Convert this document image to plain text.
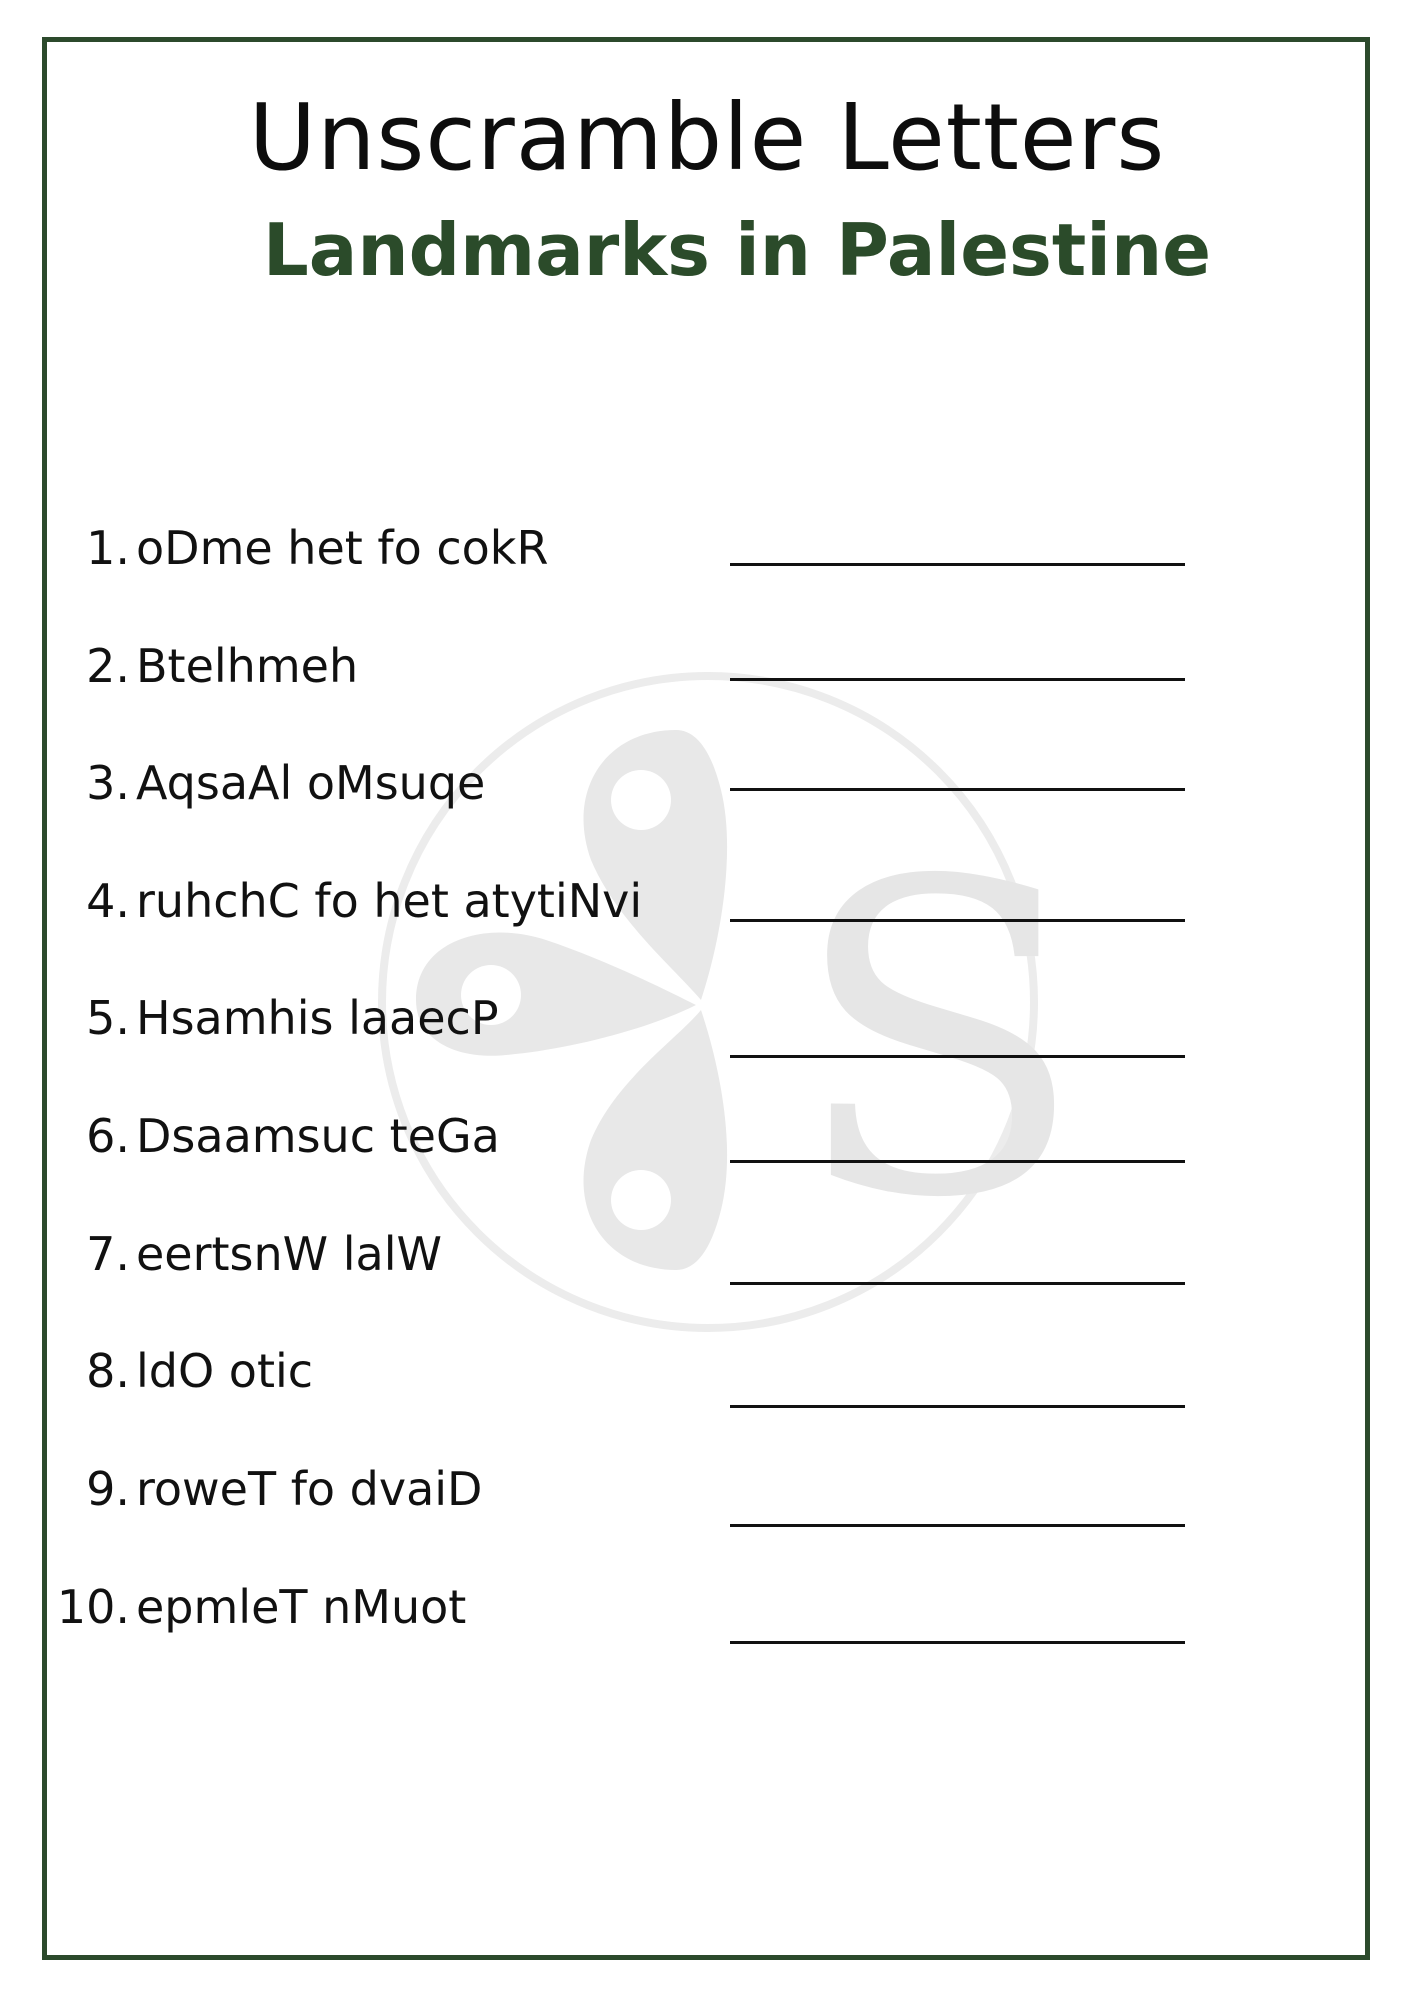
Unscramble Letters
Landmarks in Palestine
S
1. oDme het fo cokR
2. Btelhmeh
3. AqsaAl oMsuqe
4. ruhchC fo het atytiNvi
5. Hsamhis laaecP
6. Dsaamsuc teGa
7. eertsnW lalW
8. ldO otic
9. roweT fo dvaiD
10. epmleT nMuot
